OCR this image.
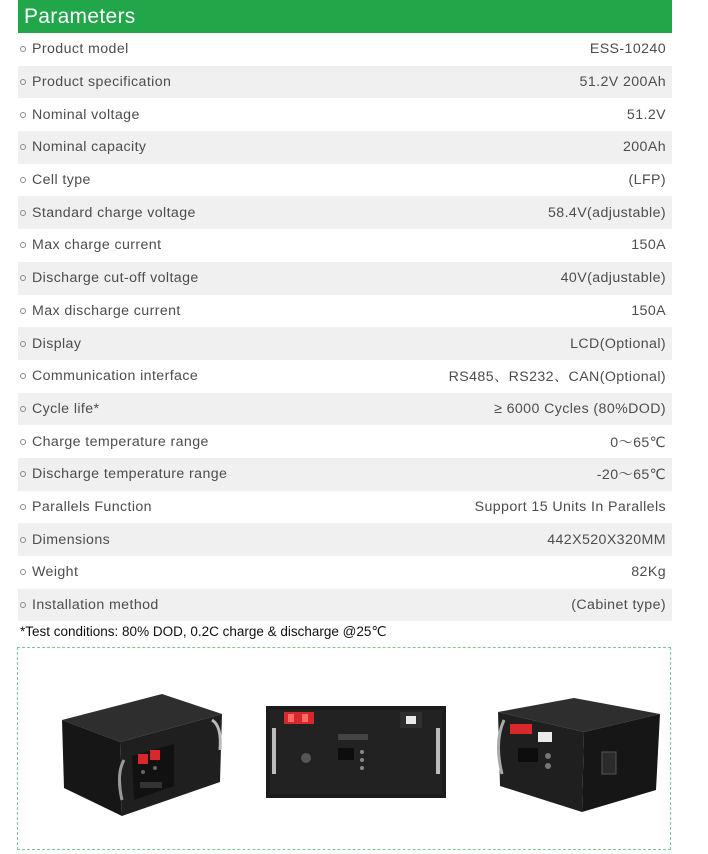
Parameters
Product model	ESS-10240
Product specification	51.2V 200Ah
Nominal voltage	51.2V
Nominal capacity	200Ah
Cell type	(LFP)
Standard charge voltage	58.4V(adjustable)
Max charge current	150A
Discharge cut-off voltage	40V(adjustable)
Max discharge current	150A
Display	LCD(Optional)
Communication interface	RS485、RS232、CAN(Optional)
Cycle life*	≥ 6000 Cycles (80%DOD)
Charge temperature range	0～65℃
Discharge temperature range	-20～65℃
Parallels Function	Support 15 Units In Parallels
Dimensions	442X520X320MM
Weight	82Kg
Installation method	(Cabinet type)
*Test conditions: 80% DOD, 0.2C charge & discharge @25℃
